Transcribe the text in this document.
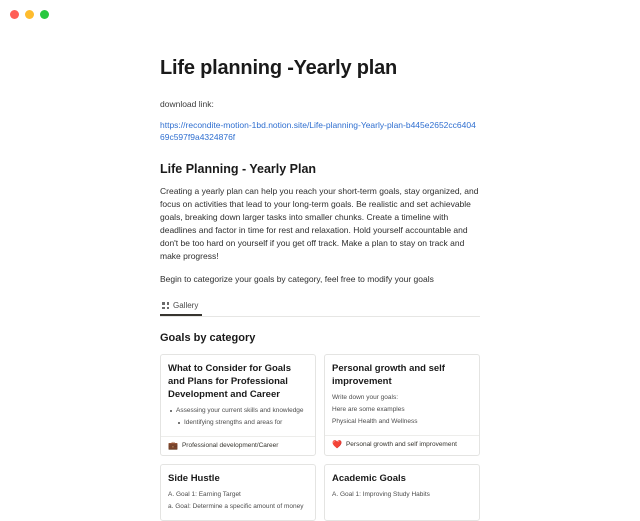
Life planning -Yearly plan

download link:

https://recondite-motion-1bd.notion.site/Life-planning-Yearly-plan-b445e2652cc640469c597f9a4324876f
Life Planning - Yearly Plan

Creating a yearly plan can help you reach your short-term goals, stay organized, and focus on activities that lead to your long-term goals. Be realistic and set achievable goals, breaking down larger tasks into smaller chunks. Create a timeline with deadlines and factor in time for rest and relaxation. Hold yourself accountable and don't be too hard on yourself if you get off track. Make a plan to stay on track and make progress!

Begin to categorize your goals by category, feel free to modify your goals

Gallery
Goals by category
What to Consider for Goals and Plans for Professional Development and Career
Assessing your current skills and knowledge
Identifying strengths and areas for
💼 Professional development/Career
Personal growth and self improvement
Write down your goals:
Here are some examples
Physical Health and Wellness
❤️ Personal growth and self improvement
Side Hustle
A. Goal 1: Earning Target
a. Goal: Determine a specific amount of money
Academic Goals
A. Goal 1: Improving Study Habits
